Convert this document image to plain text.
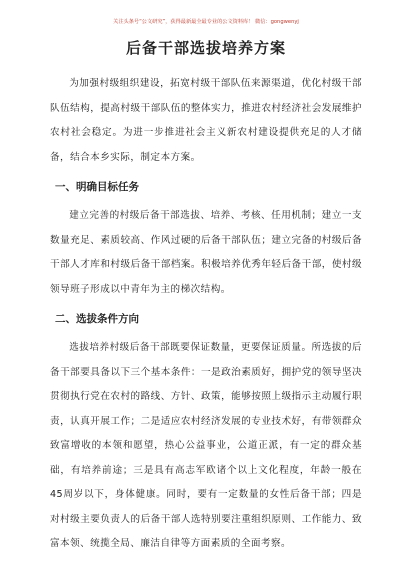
关注头条号“公文研究”，获得最新最全最专业的公文资料库！ 微信：gongwenyj
后备干部选拔培养方案

为加强村级组织建设，拓宽村级干部队伍来源渠道，优化村级干部队伍结构，提高村级干部队伍的整体实力，推进农村经济社会发展维护农村社会稳定。为进一步推进社会主义新农村建设提供充足的人才储备，结合本乡实际，制定本方案。

一、明确目标任务

建立完善的村级后备干部选拔、培养、考核、任用机制；建立一支数量充足、素质较高、作风过硬的后备干部队伍；建立完备的村级后备干部人才库和村级后备干部档案。积极培养优秀年轻后备干部，使村级领导班子形成以中青年为主的梯次结构。

二、选拔条件方向

选拔培养村级后备干部既要保证数量，更要保证质量。所选拔的后备干部要具备以下三个基本条件：一是政治素质好，拥护党的领导坚决贯彻执行党在农村的路线、方针、政策，能够按照上级指示主动履行职责，认真开展工作；二是适应农村经济发展的专业技术好，有带领群众致富增收的本领和愿望，热心公益事业，公道正派，有一定的群众基础，有培养前途；三是具有高志军欧诸个以上文化程度，年龄一般在45周岁以下，身体健康。同时，要有一定数量的女性后备干部；四是对村级主要负责人的后备干部人选特别要注重组织原则、工作能力、致富本领、统揽全局、廉洁自律等方面素质的全面考察。
